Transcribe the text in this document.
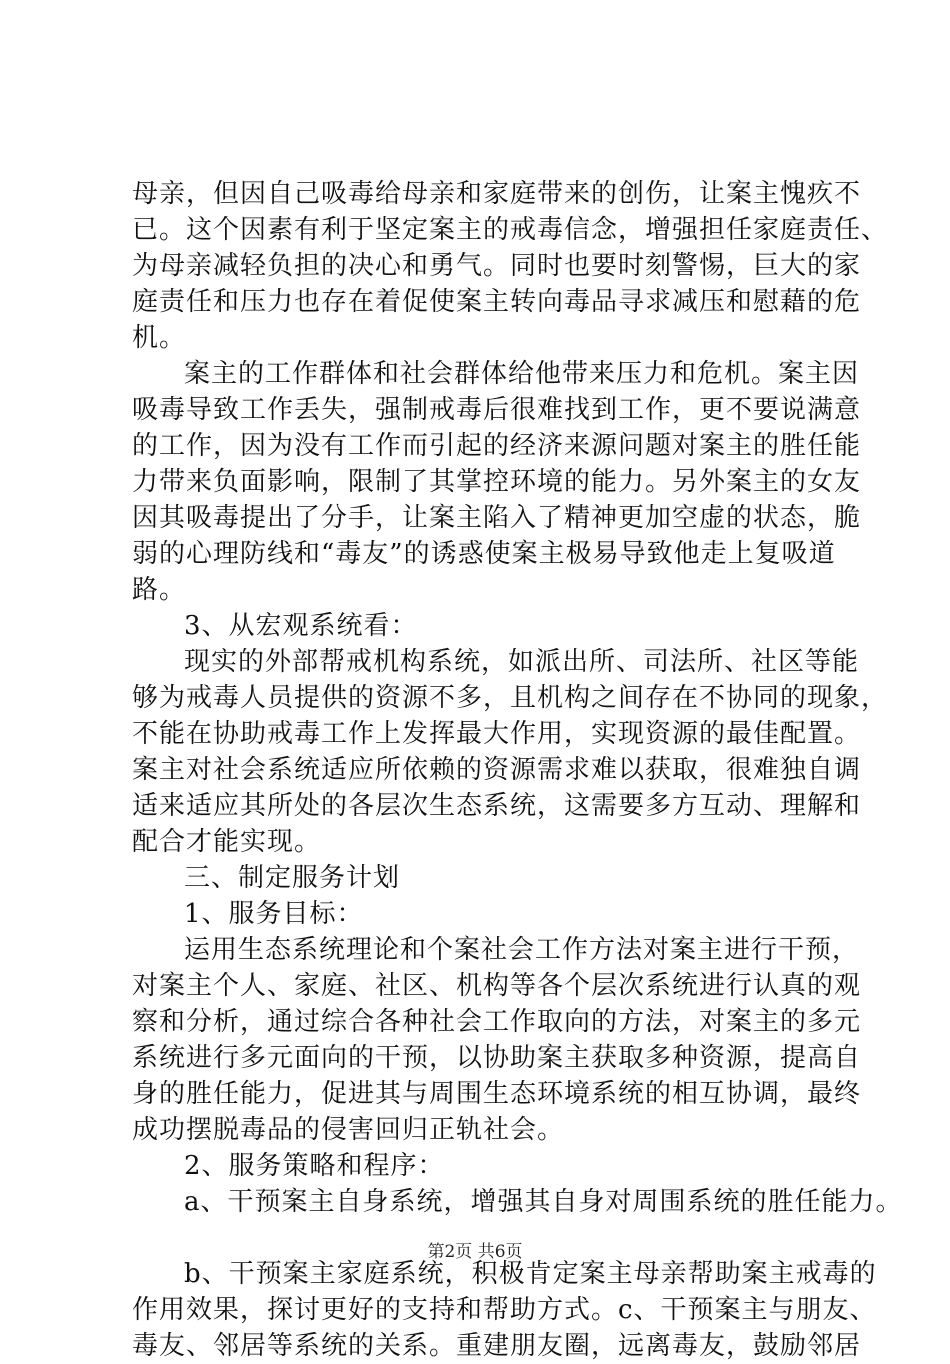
母亲，但因自己吸毒给母亲和家庭带来的创伤，让案主愧疚不
已。这个因素有利于坚定案主的戒毒信念，增强担任家庭责任、
为母亲减轻负担的决心和勇气。同时也要时刻警惕，巨大的家
庭责任和压力也存在着促使案主转向毒品寻求减压和慰藉的危
机。
案主的工作群体和社会群体给他带来压力和危机。案主因
吸毒导致工作丢失，强制戒毒后很难找到工作，更不要说满意
的工作，因为没有工作而引起的经济来源问题对案主的胜任能
力带来负面影响，限制了其掌控环境的能力。另外案主的女友
因其吸毒提出了分手，让案主陷入了精神更加空虚的状态，脆
弱的心理防线和“毒友”的诱惑使案主极易导致他走上复吸道
路。
3、从宏观系统看：
现实的外部帮戒机构系统，如派出所、司法所、社区等能
够为戒毒人员提供的资源不多，且机构之间存在不协同的现象，
不能在协助戒毒工作上发挥最大作用，实现资源的最佳配置。
案主对社会系统适应所依赖的资源需求难以获取，很难独自调
适来适应其所处的各层次生态系统，这需要多方互动、理解和
配合才能实现。
三、制定服务计划
1、服务目标：
运用生态系统理论和个案社会工作方法对案主进行干预，
对案主个人、家庭、社区、机构等各个层次系统进行认真的观
察和分析，通过综合各种社会工作取向的方法，对案主的多元
系统进行多元面向的干预，以协助案主获取多种资源，提高自
身的胜任能力，促进其与周围生态环境系统的相互协调，最终
成功摆脱毒品的侵害回归正轨社会。
2、服务策略和程序：
a、干预案主自身系统，增强其自身对周围系统的胜任能力。
b、干预案主家庭系统，积极肯定案主母亲帮助案主戒毒的
作用效果，探讨更好的支持和帮助方式。c、干预案主与朋友、
毒友、邻居等系统的关系。重建朋友圈，远离毒友，鼓励邻居
第2页 共6页
